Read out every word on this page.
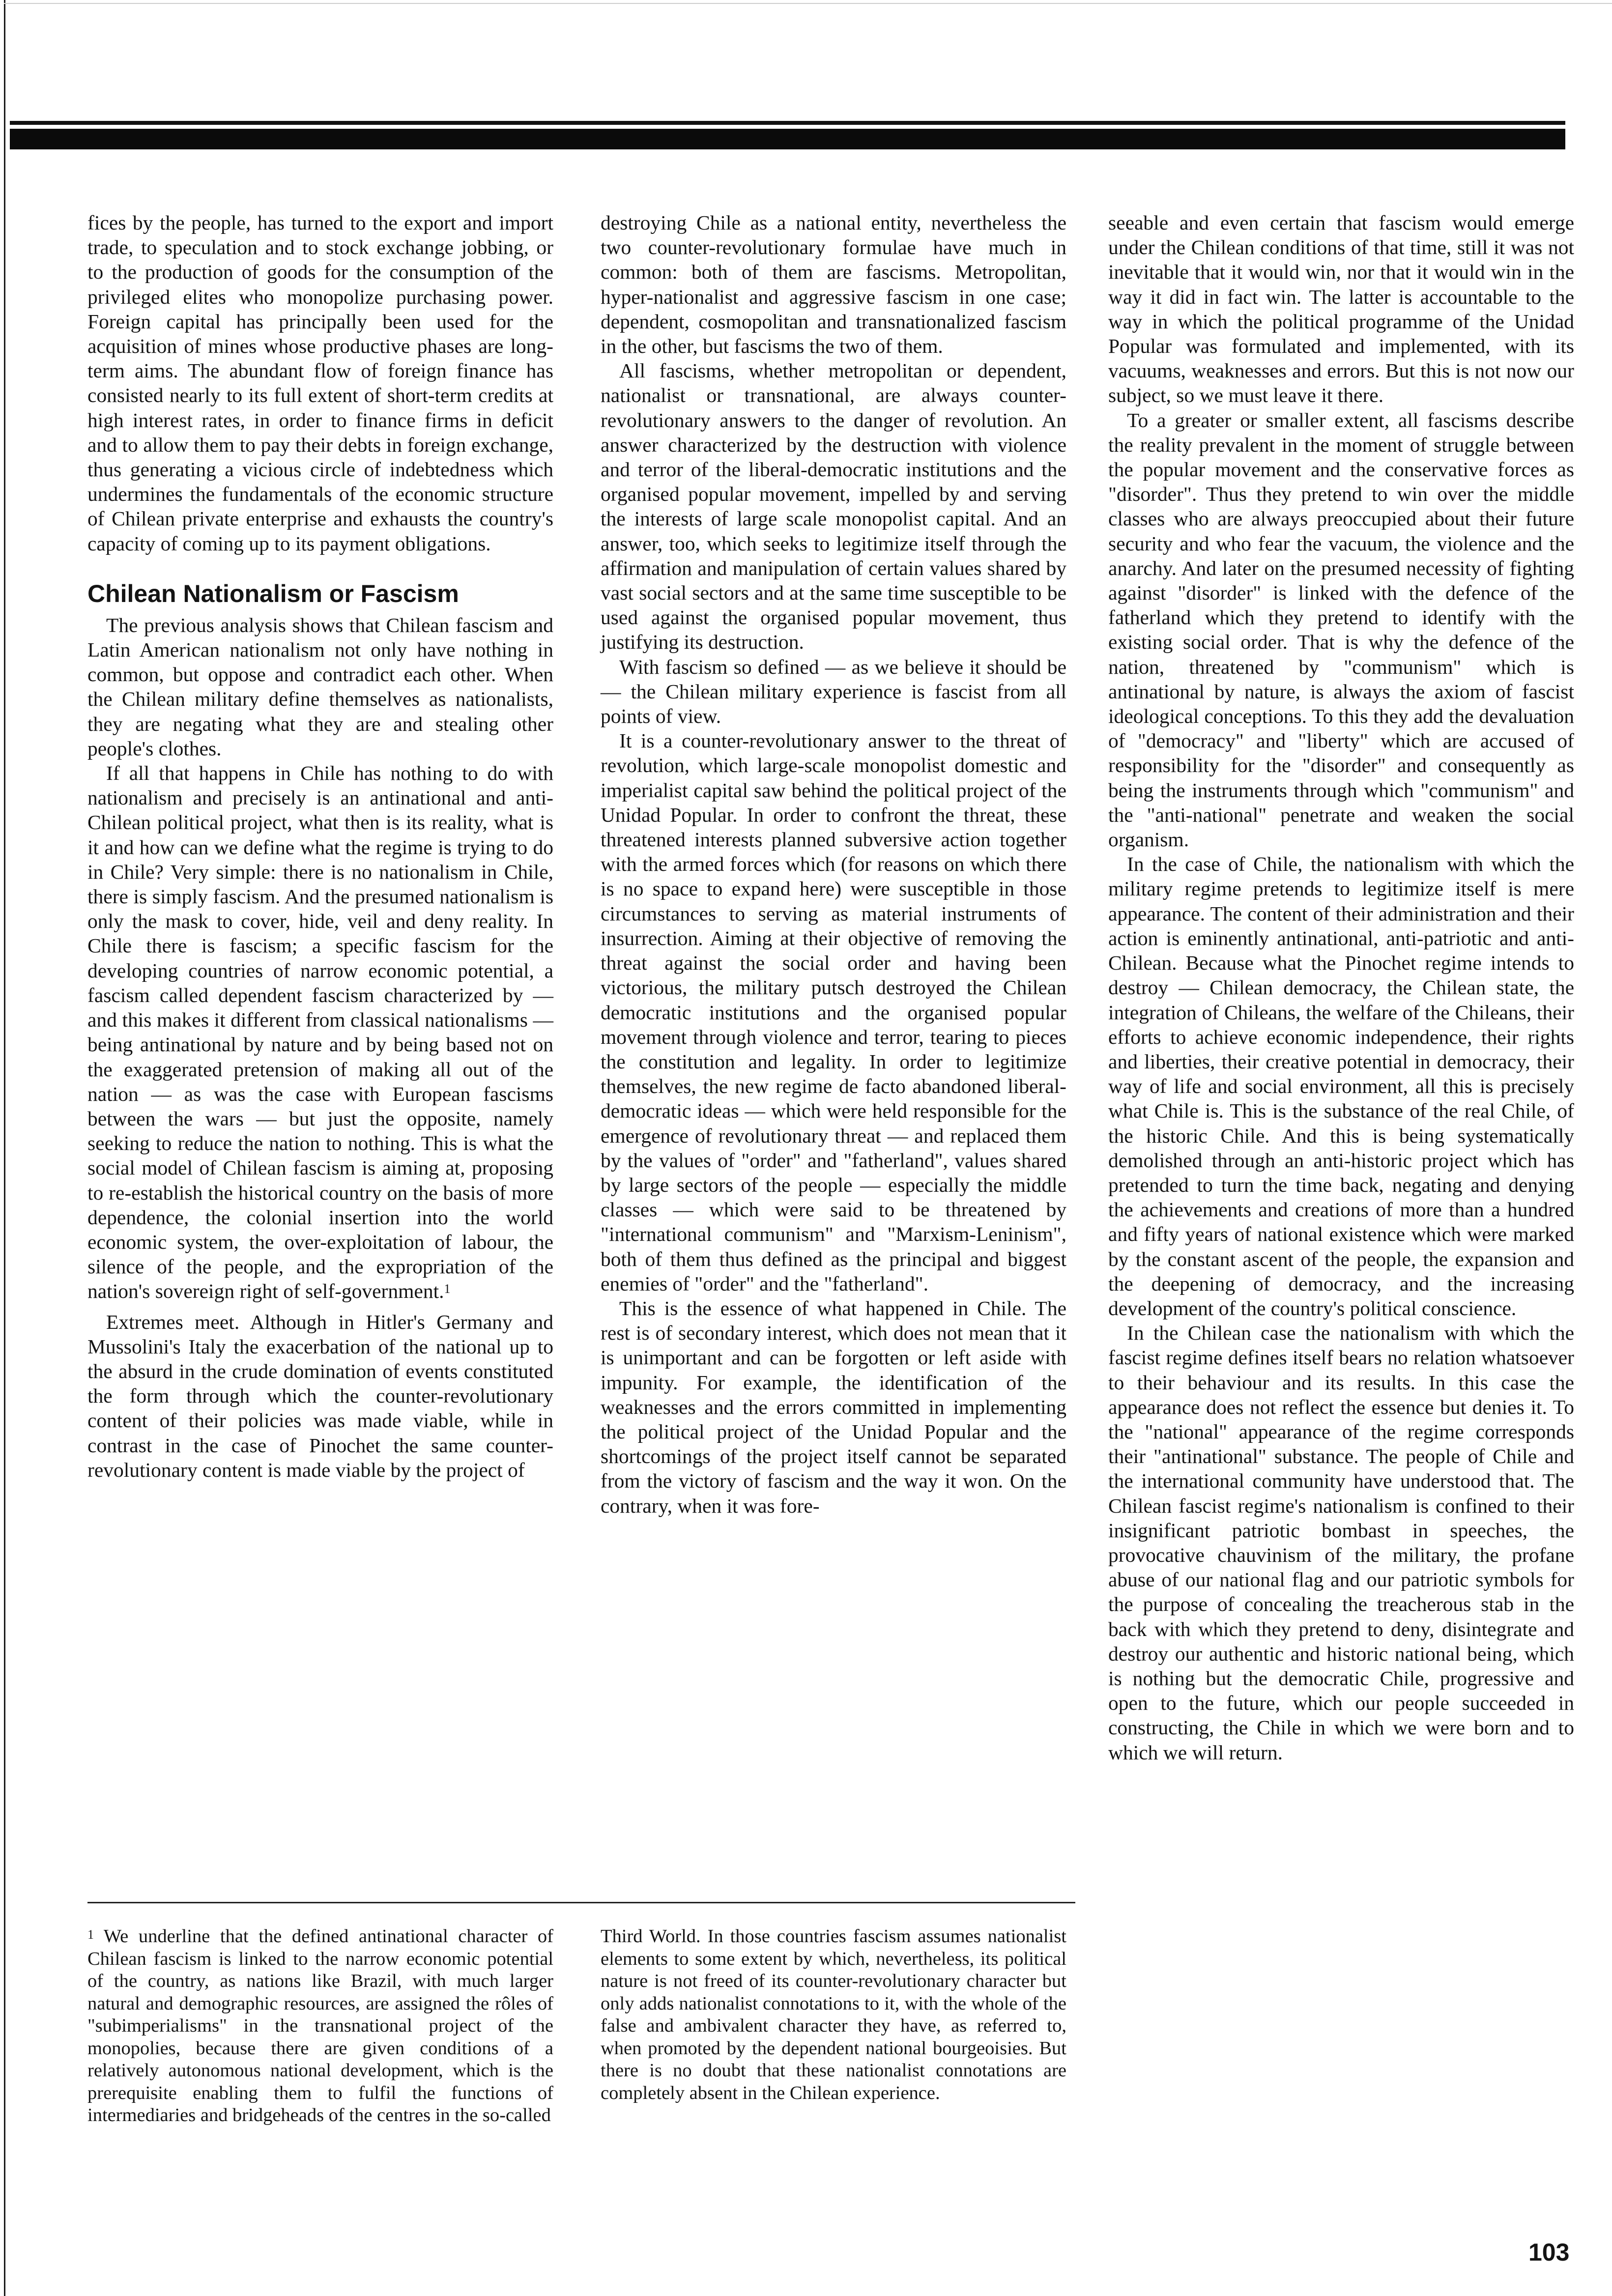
fices by the people, has turned to the export and import trade, to speculation and to stock exchange jobbing, or to the production of goods for the consumption of the privileged elites who monopolize purchasing power. Foreign capital has principally been used for the acquisition of mines whose productive phases are long-term aims. The abundant flow of foreign finance has consisted nearly to its full extent of short-term credits at high interest rates, in order to finance firms in deficit and to allow them to pay their debts in foreign exchange, thus generating a vicious circle of indebtedness which undermines the fundamentals of the economic structure of Chilean private enterprise and exhausts the country's capacity of coming up to its payment obligations.

Chilean Nationalism or Fascism

The previous analysis shows that Chilean fascism and Latin American nationalism not only have nothing in common, but oppose and contradict each other. When the Chilean military define themselves as nationalists, they are negating what they are and stealing other people's clothes.

If all that happens in Chile has nothing to do with nationalism and precisely is an antinational and anti-Chilean political project, what then is its reality, what is it and how can we define what the regime is trying to do in Chile? Very simple: there is no nationalism in Chile, there is simply fascism. And the presumed nationalism is only the mask to cover, hide, veil and deny reality. In Chile there is fascism; a specific fascism for the developing countries of narrow economic potential, a fascism called dependent fascism characterized by — and this makes it different from classical nationalisms — being antinational by nature and by being based not on the exaggerated pretension of making all out of the nation — as was the case with European fascisms between the wars — but just the opposite, namely seeking to reduce the nation to nothing. This is what the social model of Chilean fascism is aiming at, proposing to re-establish the historical country on the basis of more dependence, the colonial insertion into the world economic system, the over-exploitation of labour, the silence of the people, and the expropriation of the nation's sovereign right of self-government.$^1$

Extremes meet. Although in Hitler's Germany and Mussolini's Italy the exacerbation of the national up to the absurd in the crude domination of events constituted the form through which the counter-revolutionary content of their policies was made viable, while in contrast in the case of Pinochet the same counter-revolutionary content is made viable by the project of

destroying Chile as a national entity, nevertheless the two counter-revolutionary formulae have much in common: both of them are fascisms. Metropolitan, hyper-nationalist and aggressive fascism in one case; dependent, cosmopolitan and transnationalized fascism in the other, but fascisms the two of them.

All fascisms, whether metropolitan or dependent, nationalist or transnational, are always counter-revolutionary answers to the danger of revolution. An answer characterized by the destruction with violence and terror of the liberal-democratic institutions and the organised popular movement, impelled by and serving the interests of large scale monopolist capital. And an answer, too, which seeks to legitimize itself through the affirmation and manipulation of certain values shared by vast social sectors and at the same time susceptible to be used against the organised popular movement, thus justifying its destruction.

With fascism so defined — as we believe it should be — the Chilean military experience is fascist from all points of view.

It is a counter-revolutionary answer to the threat of revolution, which large-scale monopolist domestic and imperialist capital saw behind the political project of the Unidad Popular. In order to confront the threat, these threatened interests planned subversive action together with the armed forces which (for reasons on which there is no space to expand here) were susceptible in those circumstances to serving as material instruments of insurrection. Aiming at their objective of removing the threat against the social order and having been victorious, the military putsch destroyed the Chilean democratic institutions and the organised popular movement through violence and terror, tearing to pieces the constitution and legality. In order to legitimize themselves, the new regime de facto abandoned liberal-democratic ideas — which were held responsible for the emergence of revolutionary threat — and replaced them by the values of "order" and "fatherland", values shared by large sectors of the people — especially the middle classes — which were said to be threatened by "international communism" and "Marxism-Leninism", both of them thus defined as the principal and biggest enemies of "order" and the "fatherland".

This is the essence of what happened in Chile. The rest is of secondary interest, which does not mean that it is unimportant and can be forgotten or left aside with impunity. For example, the identification of the weaknesses and the errors committed in implementing the political project of the Unidad Popular and the shortcomings of the project itself cannot be separated from the victory of fascism and the way it won. On the contrary, when it was fore-

seeable and even certain that fascism would emerge under the Chilean conditions of that time, still it was not inevitable that it would win, nor that it would win in the way it did in fact win. The latter is accountable to the way in which the political programme of the Unidad Popular was formulated and implemented, with its vacuums, weaknesses and errors. But this is not now our subject, so we must leave it there.

To a greater or smaller extent, all fascisms describe the reality prevalent in the moment of struggle between the popular movement and the conservative forces as "disorder". Thus they pretend to win over the middle classes who are always preoccupied about their future security and who fear the vacuum, the violence and the anarchy. And later on the presumed necessity of fighting against "disorder" is linked with the defence of the fatherland which they pretend to identify with the existing social order. That is why the defence of the nation, threatened by "communism" which is antinational by nature, is always the axiom of fascist ideological conceptions. To this they add the devaluation of "democracy" and "liberty" which are accused of responsibility for the "disorder" and consequently as being the instruments through which "communism" and the "anti-national" penetrate and weaken the social organism.

In the case of Chile, the nationalism with which the military regime pretends to legitimize itself is mere appearance. The content of their administration and their action is eminently antinational, anti-patriotic and anti-Chilean. Because what the Pinochet regime intends to destroy — Chilean democracy, the Chilean state, the integration of Chileans, the welfare of the Chileans, their efforts to achieve economic independence, their rights and liberties, their creative potential in democracy, their way of life and social environment, all this is precisely what Chile is. This is the substance of the real Chile, of the historic Chile. And this is being systematically demolished through an anti-historic project which has pretended to turn the time back, negating and denying the achievements and creations of more than a hundred and fifty years of national existence which were marked by the constant ascent of the people, the expansion and the deepening of democracy, and the increasing development of the country's political conscience.

In the Chilean case the nationalism with which the fascist regime defines itself bears no relation whatsoever to their behaviour and its results. In this case the appearance does not reflect the essence but denies it. To the "national" appearance of the regime corresponds their "antinational" substance. The people of Chile and the international community have understood that. The Chilean fascist regime's nationalism is confined to their insignificant patriotic bombast in speeches, the provocative chauvinism of the military, the profane abuse of our national flag and our patriotic symbols for the purpose of concealing the treacherous stab in the back with which they pretend to deny, disintegrate and destroy our authentic and historic national being, which is nothing but the democratic Chile, progressive and open to the future, which our people succeeded in constructing, the Chile in which we were born and to which we will return.

$^1$ We underline that the defined antinational character of Chilean fascism is linked to the narrow economic potential of the country, as nations like Brazil, with much larger natural and demographic resources, are assigned the rôles of "subimperialisms" in the transnational project of the monopolies, because there are given conditions of a relatively autonomous national development, which is the prerequisite enabling them to fulfil the functions of intermediaries and bridgeheads of the centres in the so-called

Third World. In those countries fascism assumes nationalist elements to some extent by which, nevertheless, its political nature is not freed of its counter-revolutionary character but only adds nationalist connotations to it, with the whole of the false and ambivalent character they have, as referred to, when promoted by the dependent national bourgeoisies. But there is no doubt that these nationalist connotations are completely absent in the Chilean experience.

103
